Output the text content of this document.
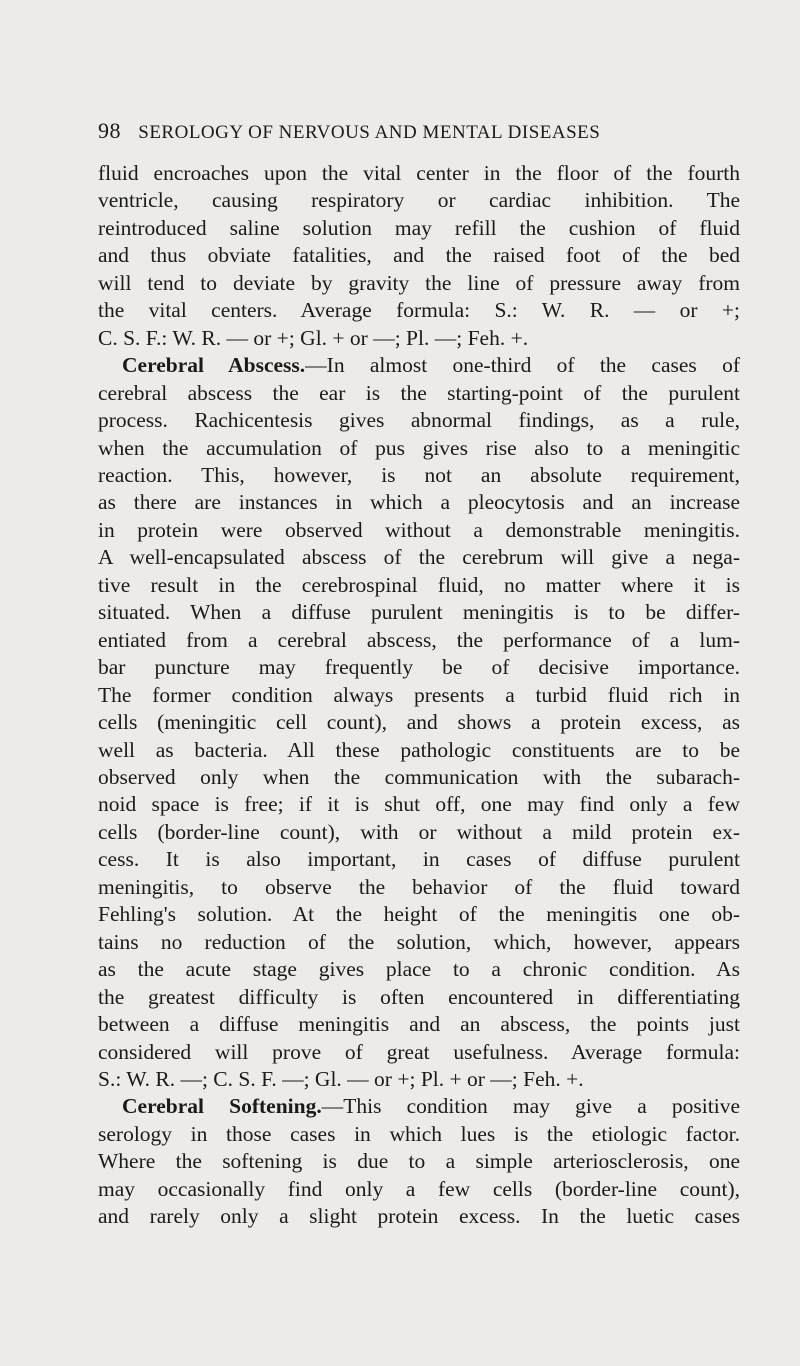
98 SEROLOGY OF NERVOUS AND MENTAL DISEASES
fluid encroaches upon the vital center in the floor of the fourth
ventricle, causing respiratory or cardiac inhibition. The
reintroduced saline solution may refill the cushion of fluid
and thus obviate fatalities, and the raised foot of the bed
will tend to deviate by gravity the line of pressure away from
the vital centers. Average formula: S.: W. R. — or +;
C. S. F.: W. R. — or +; Gl. + or —; Pl. —; Feh. +.
Cerebral Abscess.—In almost one-third of the cases of
cerebral abscess the ear is the starting-point of the purulent
process. Rachicentesis gives abnormal findings, as a rule,
when the accumulation of pus gives rise also to a meningitic
reaction. This, however, is not an absolute requirement,
as there are instances in which a pleocytosis and an increase
in protein were observed without a demonstrable meningitis.
A well-encapsulated abscess of the cerebrum will give a nega-
tive result in the cerebrospinal fluid, no matter where it is
situated. When a diffuse purulent meningitis is to be differ-
entiated from a cerebral abscess, the performance of a lum-
bar puncture may frequently be of decisive importance.
The former condition always presents a turbid fluid rich in
cells (meningitic cell count), and shows a protein excess, as
well as bacteria. All these pathologic constituents are to be
observed only when the communication with the subarach-
noid space is free; if it is shut off, one may find only a few
cells (border-line count), with or without a mild protein ex-
cess. It is also important, in cases of diffuse purulent
meningitis, to observe the behavior of the fluid toward
Fehling's solution. At the height of the meningitis one ob-
tains no reduction of the solution, which, however, appears
as the acute stage gives place to a chronic condition. As
the greatest difficulty is often encountered in differentiating
between a diffuse meningitis and an abscess, the points just
considered will prove of great usefulness. Average formula:
S.: W. R. —; C. S. F. —; Gl. — or +; Pl. + or —; Feh. +.
Cerebral Softening.—This condition may give a positive
serology in those cases in which lues is the etiologic factor.
Where the softening is due to a simple arteriosclerosis, one
may occasionally find only a few cells (border-line count),
and rarely only a slight protein excess. In the luetic cases
